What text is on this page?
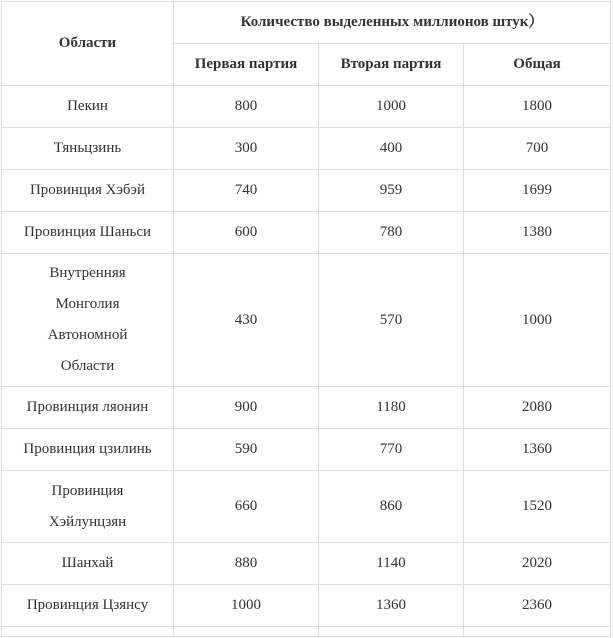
Области	Количество выделенных миллионов штук）		
	Первая партия	Вторая партия	Общая
Пекин	800	1000	1800
Тяньцзинь	300	400	700
Провинция Хэбэй	740	959	1699
Провинция Шаньси	600	780	1380

Внутренняя
Монголия
Автономной
Области	430	570	1000
Провинция ляонин	900	1180	2080
Провинция цзилинь	590	770	1360

Провинция
Хэйлунцзян	660	860	1520
Шанхай	880	1140	2020
Провинция Цзянсу	1000	1360	2360
